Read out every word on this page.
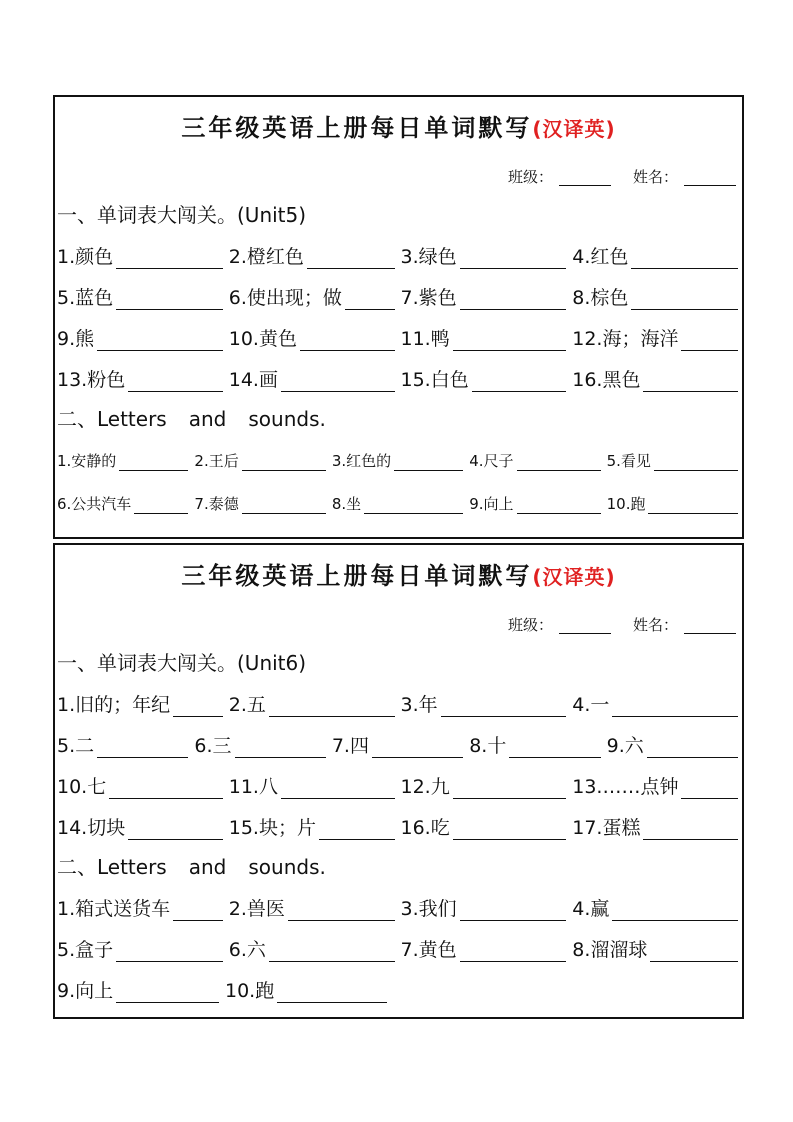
三年级英语上册每日单词默写(汉译英)
班级：	姓名：
一、单词表大闯关。(Unit5)
1.颜色	2.橙红色	3.绿色	4.红色
5.蓝色	6.使出现；做	7.紫色	8.棕色
9.熊	10.黄色	11.鸭	12.海；海洋
13.粉色	14.画	15.白色	16.黑色
二、Letters and sounds.
1.安静的	2.王后	3.红色的	4.尺子	5.看见
6.公共汽车	7.泰德	8.坐	9.向上	10.跑
三年级英语上册每日单词默写(汉译英)
班级：	姓名：
一、单词表大闯关。(Unit6)
1.旧的；年纪	2.五	3.年	4.一
5.二	6.三	7.四	8.十	9.六
10.七	11.八	12.九	13.……点钟
14.切块	15.块；片	16.吃	17.蛋糕
二、Letters and sounds.
1.箱式送货车	2.兽医	3.我们	4.赢
5.盒子	6.六	7.黄色	8.溜溜球
9.向上	10.跑
